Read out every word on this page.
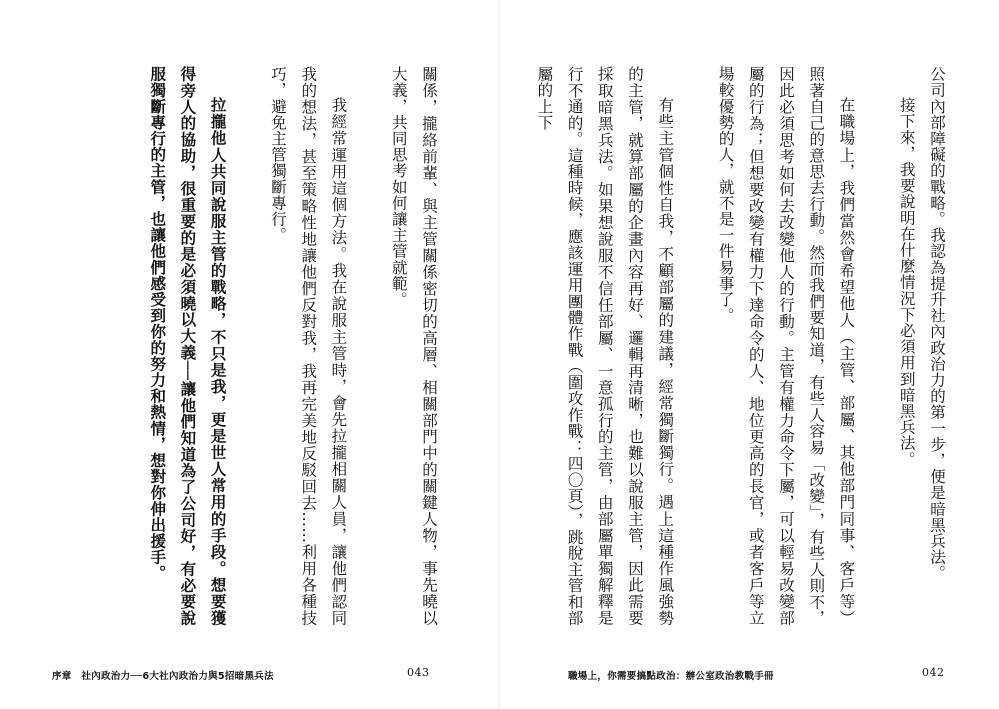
公司內部障礙的戰略。我認為提升社內政治力的第一步，便是暗黑兵法。

接下來，我要說明在什麼情況下必須用到暗黑兵法。

在職場上，我們當然會希望他人（主管、部屬、其他部門同事、客戶等）照著自己的意思去行動。然而我們要知道，有些人容易「改變」，有些人則不，因此必須思考如何去改變他人的行動。主管有權力命令下屬，可以輕易改變部屬的行為；但想要改變有權力下達命令的人、地位更高的長官，或者客戶等立場較優勢的人，就不是一件易事了。

有些主管個性自我，不顧部屬的建議，經常獨斷獨行。遇上這種作風強勢的主管，就算部屬的企畫內容再好、邏輯再清晰，也難以說服主管，因此需要採取暗黑兵法。如果想說服不信任部屬、一意孤行的主管，由部屬單獨解釋是行不通的。這種時候，應該運用團體作戰（圍攻作戰：四〇頁），跳脫主管和部屬的上下

職場上，你需要搞點政治：辦公室政治教戰手冊	042

關係，攏絡前輩、與主管關係密切的高層、相關部門中的關鍵人物，事先曉以大義，共同思考如何讓主管就範。

我經常運用這個方法。我在說服主管時，會先拉攏相關人員，讓他們認同我的想法，甚至策略性地讓他們反對我，我再完美地反駁回去……利用各種技巧，避免主管獨斷專行。

拉攏他人共同說服主管的戰略，不只是我，更是世人常用的手段。想要獲得旁人的協助，很重要的是必須曉以大義──讓他們知道為了公司好，有必要說服獨斷專行的主管，也讓他們感受到你的努力和熱情，想對你伸出援手。

序章　社內政治力──6大社內政治力與5招暗黑兵法	043
